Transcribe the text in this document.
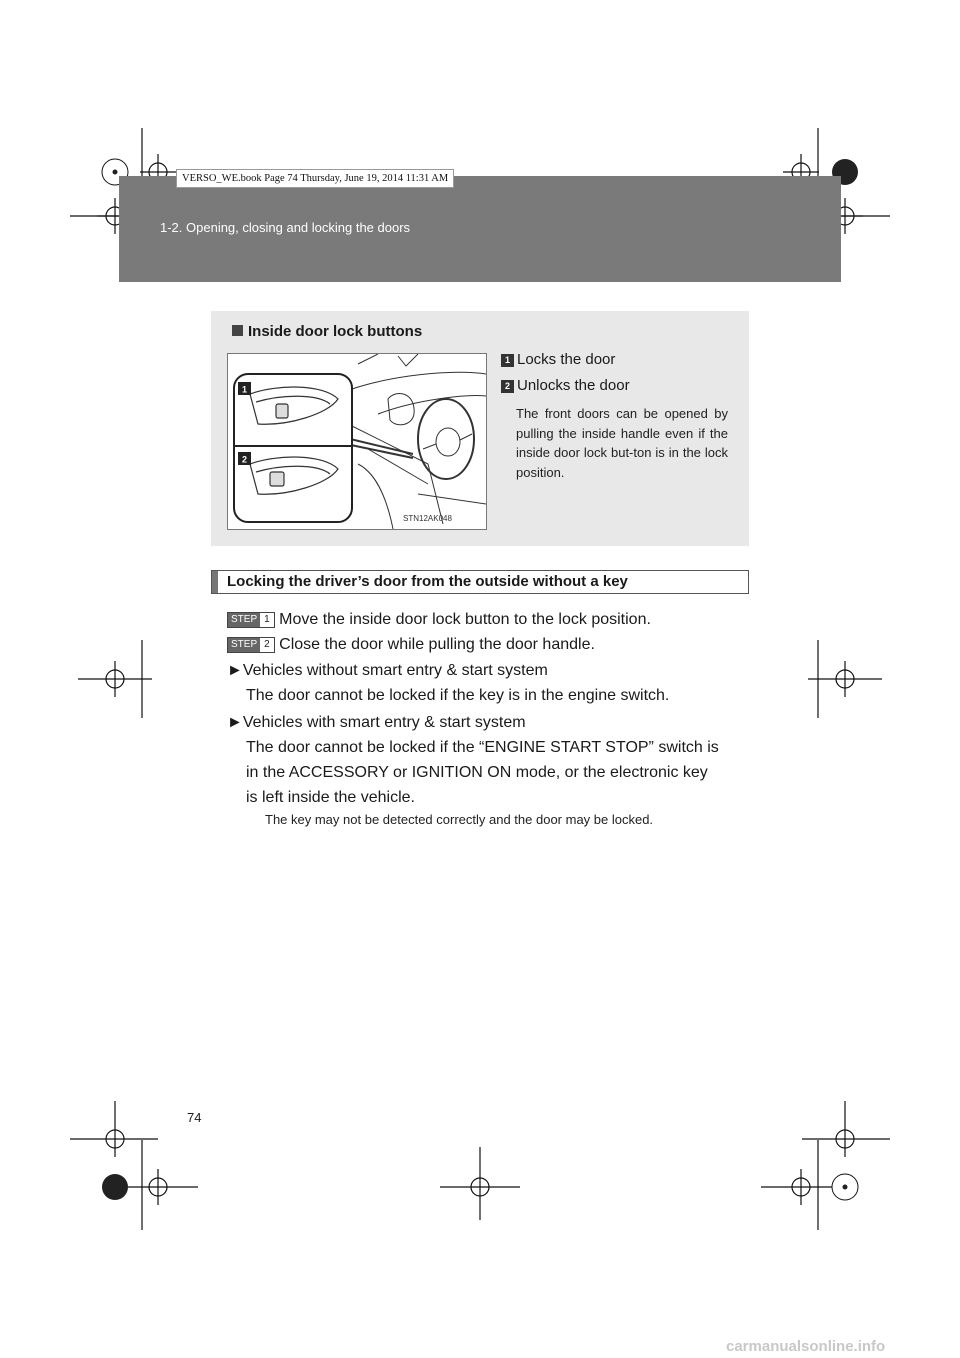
1-2. Opening, closing and locking the doors
VERSO_WE.book Page 74 Thursday, June 19, 2014 11:31 AM
Inside door lock buttons
1
2
STN12AK048
1 Locks the door
2 Unlocks the door
The front doors can be opened by pulling the inside handle even if the inside door lock but-ton is in the lock position.
Locking the driver’s door from the outside without a key
STEP 1 Move the inside door lock button to the lock position.
STEP 2 Close the door while pulling the door handle.
►Vehicles without smart entry & start system
The door cannot be locked if the key is in the engine switch.
►Vehicles with smart entry & start system
The door cannot be locked if the “ENGINE START STOP” switch is
in the ACCESSORY or IGNITION ON mode, or the electronic key
is left inside the vehicle.
The key may not be detected correctly and the door may be locked.
74
carmanualsonline.info
